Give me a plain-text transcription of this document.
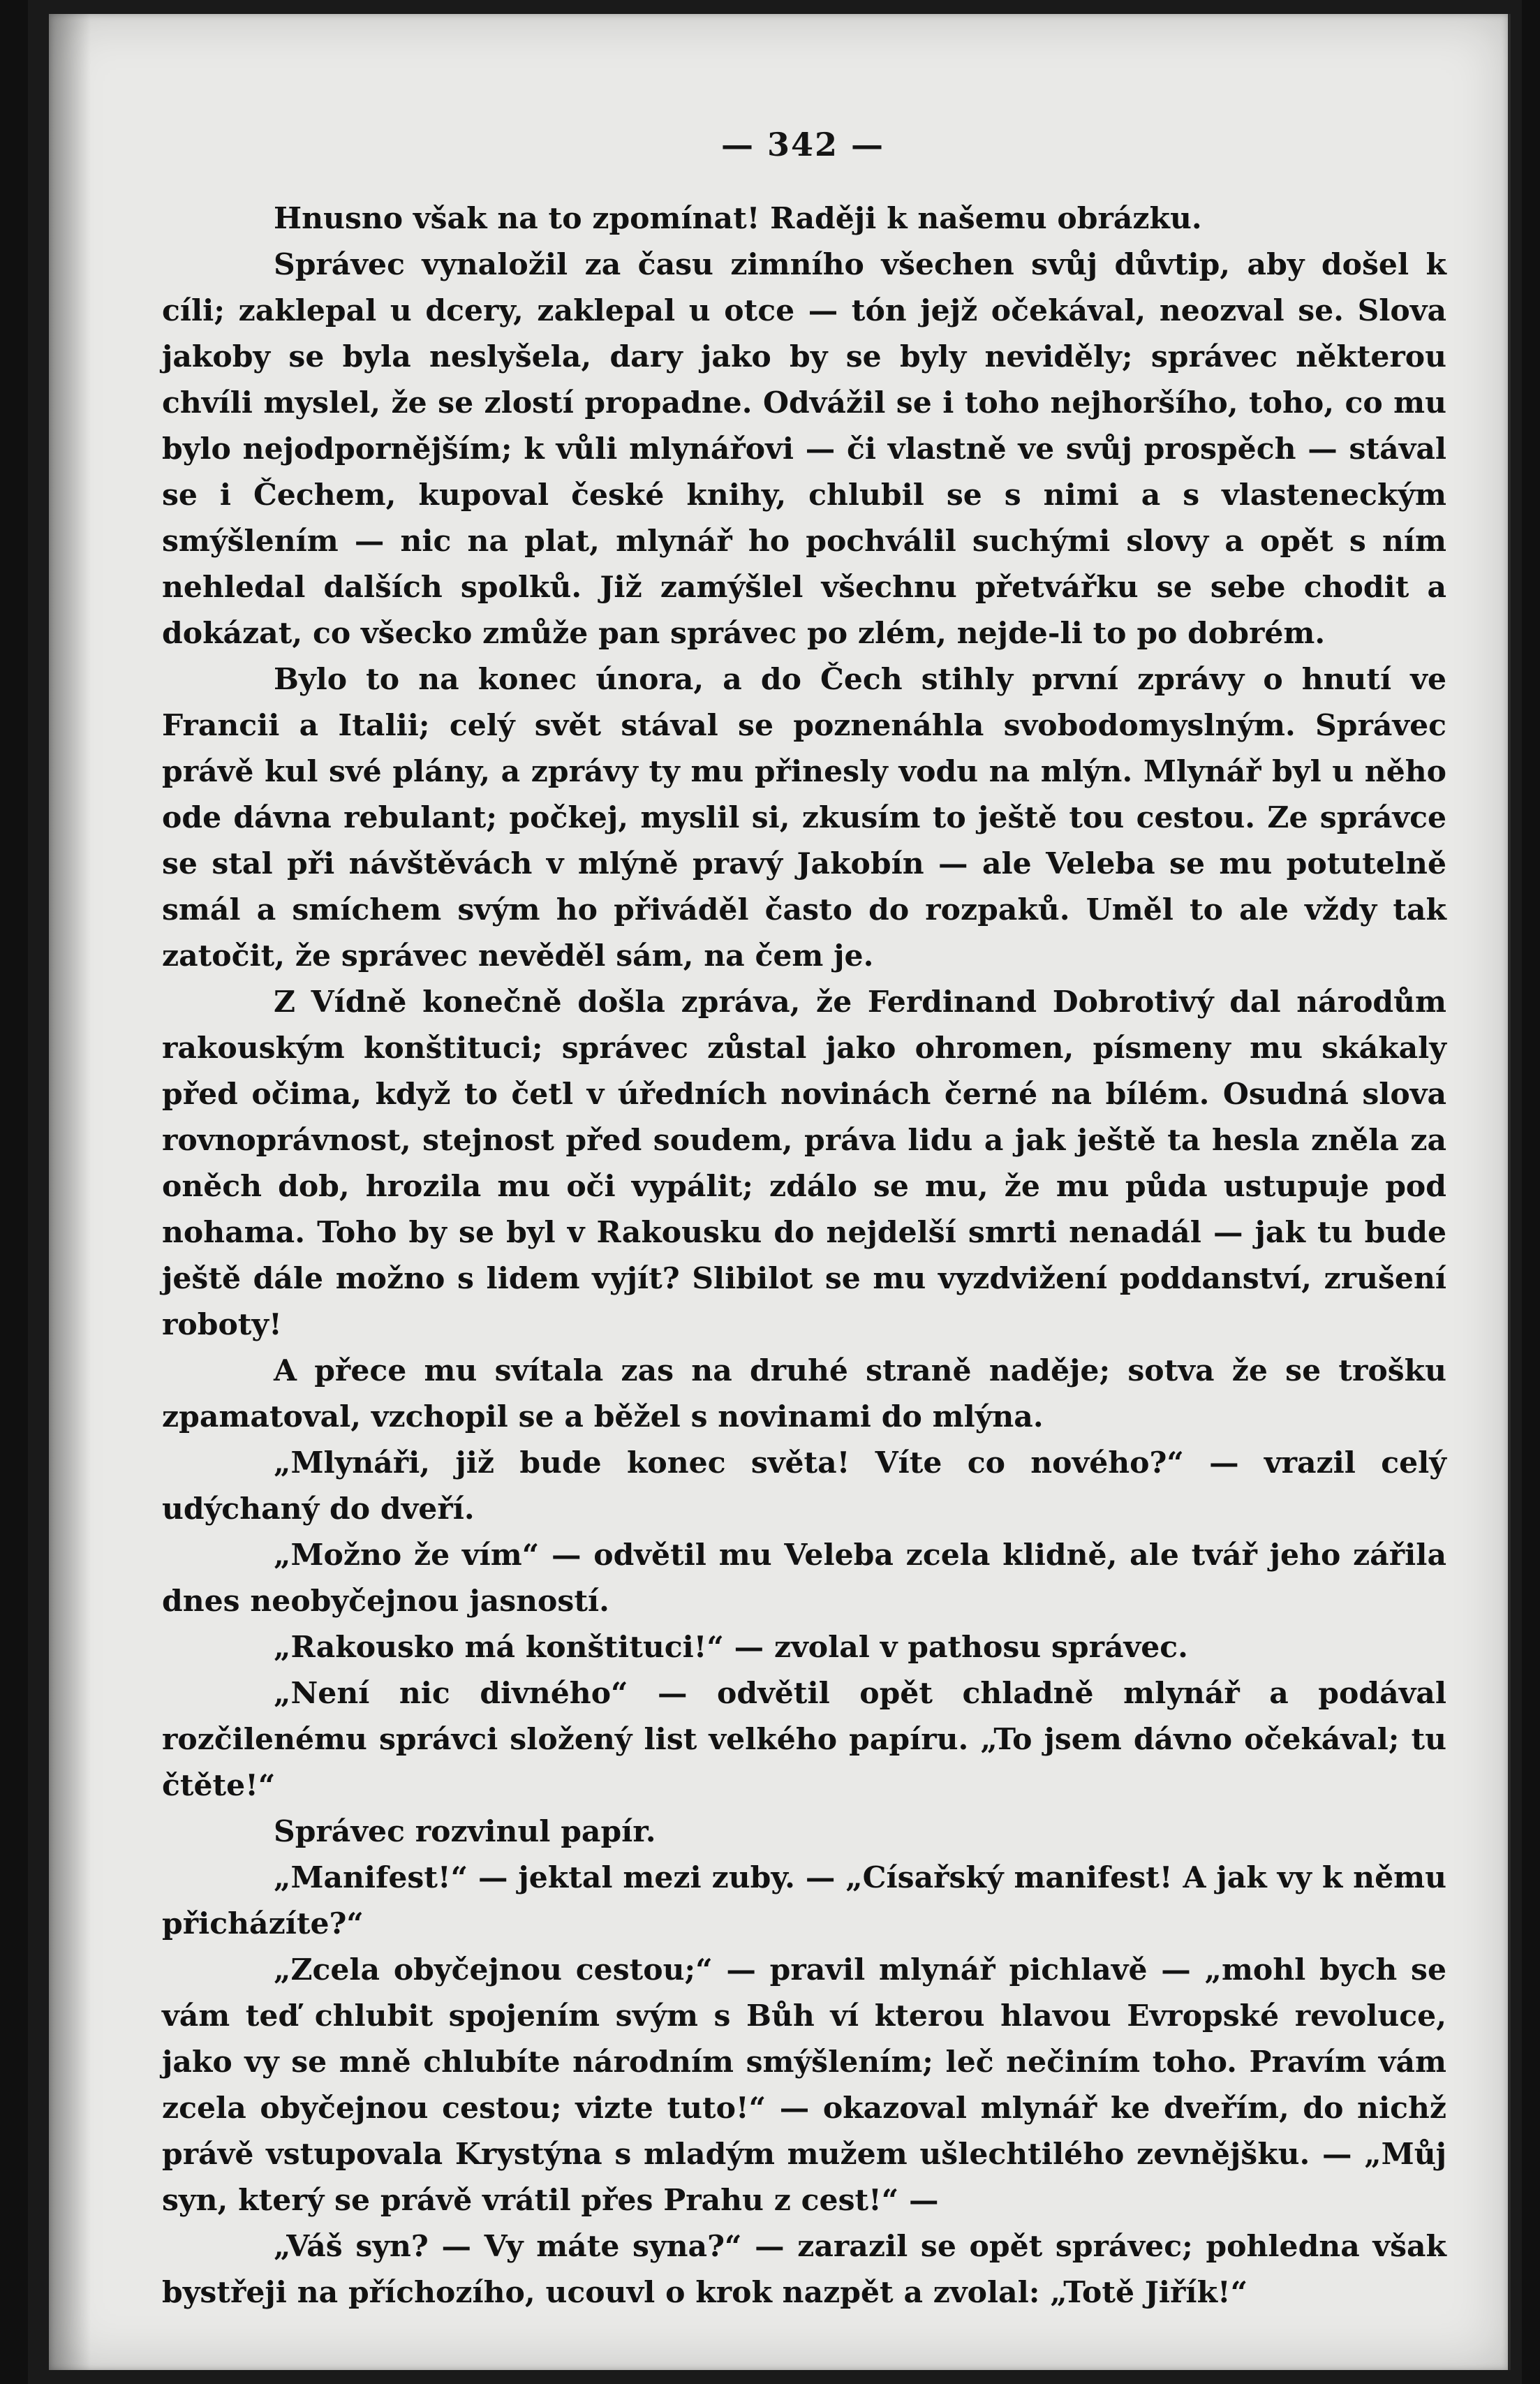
— 342 —

Hnusno však na to zpomínat! Raději k našemu obrázku.

Správec vynaložil za času zimního všechen svůj důvtip, aby došel k cíli; zaklepal u dcery, zaklepal u otce — tón jejž očekával, neozval se. Slova jakoby se byla neslyšela, dary jako by se byly neviděly; správec některou chvíli myslel, že se zlostí propadne. Odvážil se i toho nejhoršího, toho, co mu bylo nejodpornějším; k vůli mlynářovi — či vlastně ve svůj prospěch — stával se i Čechem, kupoval české knihy, chlubil se s nimi a s vlasteneckým smýšlením — nic na plat, mlynář ho pochválil suchými slovy a opět s ním nehledal dalších spolků. Již zamýšlel všechnu přetvářku se sebe chodit a dokázat, co všecko zmůže pan správec po zlém, nejde-li to po dobrém.

Bylo to na konec února, a do Čech stihly první zprávy o hnutí ve Francii a Italii; celý svět stával se poznenáhla svobodomyslným. Správec právě kul své plány, a zprávy ty mu přinesly vodu na mlýn. Mlynář byl u něho ode dávna rebulant; počkej, myslil si, zkusím to ještě tou cestou. Ze správce se stal při návštěvách v mlýně pravý Jakobín — ale Veleba se mu potutelně smál a smíchem svým ho přiváděl často do rozpaků. Uměl to ale vždy tak zatočit, že správec nevěděl sám, na čem je.

Z Vídně konečně došla zpráva, že Ferdinand Dobrotivý dal národům rakouským konštituci; správec zůstal jako ohromen, písmeny mu skákaly před očima, když to četl v úředních novinách černé na bílém. Osudná slova rovnoprávnost, stejnost před soudem, práva lidu a jak ještě ta hesla zněla za oněch dob, hrozila mu oči vypálit; zdálo se mu, že mu půda ustupuje pod nohama. Toho by se byl v Rakousku do nejdelší smrti nenadál — jak tu bude ještě dále možno s lidem vyjít? Slibilot se mu vyzdvižení poddanství, zrušení roboty!

A přece mu svítala zas na druhé straně naděje; sotva že se trošku zpamatoval, vzchopil se a běžel s novinami do mlýna.

„Mlynáři, již bude konec světa! Víte co nového?“ — vrazil celý udýchaný do dveří.

„Možno že vím“ — odvětil mu Veleba zcela klidně, ale tvář jeho zářila dnes neobyčejnou jasností.

„Rakousko má konštituci!“ — zvolal v pathosu správec.

„Není nic divného“ — odvětil opět chladně mlynář a podával rozčilenému správci složený list velkého papíru. „To jsem dávno očekával; tu čtěte!“

Správec rozvinul papír.

„Manifest!“ — jektal mezi zuby. — „Císařský manifest! A jak vy k němu přicházíte?“

„Zcela obyčejnou cestou;“ — pravil mlynář pichlavě — „mohl bych se vám teď chlubit spojením svým s Bůh ví kterou hlavou Evropské revoluce, jako vy se mně chlubíte národním smýšlením; leč nečiním toho. Pravím vám zcela obyčejnou cestou; vizte tuto!“ — okazoval mlynář ke dveřím, do nichž právě vstupovala Krystýna s mladým mužem ušlechtilého zevnějšku. — „Můj syn, který se právě vrátil přes Prahu z cest!“ —

„Váš syn? — Vy máte syna?“ — zarazil se opět správec; pohledna však bystřeji na příchozího, ucouvl o krok nazpět a zvolal: „Totě Jiřík!“
